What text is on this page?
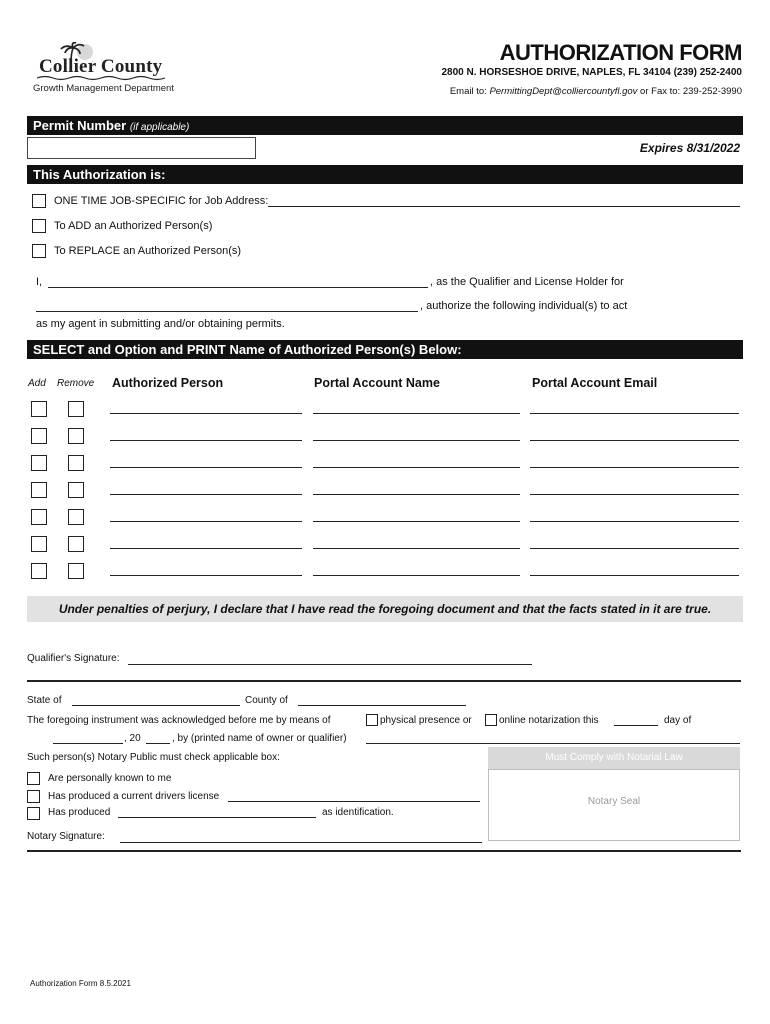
Collier County
Growth Management Department
AUTHORIZATION FORM
2800 N. HORSESHOE DRIVE, NAPLES, FL 34104 (239) 252-2400
Email to: PermittingDept@colliercountyfl.gov or Fax to: 239-252-3990
Permit Number (if applicable)
Expires 8/31/2022
This Authorization is:
ONE TIME JOB-SPECIFIC for Job Address:
To ADD an Authorized Person(s)
To REPLACE an Authorized Person(s)
I,	, as the Qualifier and License Holder for
, authorize the following individual(s) to act
as my agent in submitting and/or obtaining permits.
SELECT and Option and PRINT Name of Authorized Person(s) Below:
Add Remove Authorized Person	Portal Account Name	Portal Account Email
Under penalties of perjury, I declare that I have read the foregoing document and that the facts stated in it are true.
Qualifier's Signature:
State of	County of
The foregoing instrument was acknowledged before me by means of	physical presence or	online notarization this	day of
, 20	, by (printed name of owner or qualifier)
Such person(s) Notary Public must check applicable box:	Must Comply with Notarial Law
Notary Seal
Are personally known to me
Has produced a current drivers license
Has produced	as identification.
Notary Signature:
Authorization Form 8.5.2021
